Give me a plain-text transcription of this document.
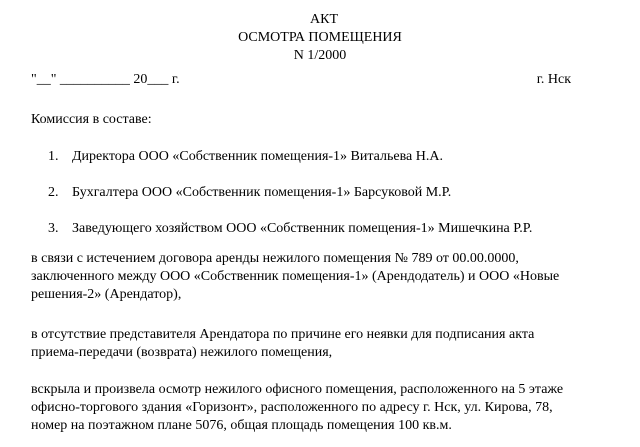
АКТ
ОСМОТРА ПОМЕЩЕНИЯ
N 1/2000
"__" __________ 20___ г.	г. Нск
Комиссия в составе:
1. Директора ООО «Собственник помещения-1» Витальева Н.А.
2. Бухгалтера ООО «Собственник помещения-1» Барсуковой М.Р.
3. Заведующего хозяйством ООО «Собственник помещения-1» Мишечкина Р.Р.

в связи с истечением договора аренды нежилого помещения № 789 от 00.00.0000,
заключенного между ООО «Собственник помещения-1» (Арендодатель) и ООО «Новые
решения-2» (Арендатор),

в отсутствие представителя Арендатора по причине его неявки для подписания акта
приема-передачи (возврата) нежилого помещения,

вскрыла и произвела осмотр нежилого офисного помещения, расположенного на 5 этаже
офисно-торгового здания «Горизонт», расположенного по адресу г. Нск, ул. Кирова, 78,
номер на поэтажном плане 5076, общая площадь помещения 100 кв.м.
